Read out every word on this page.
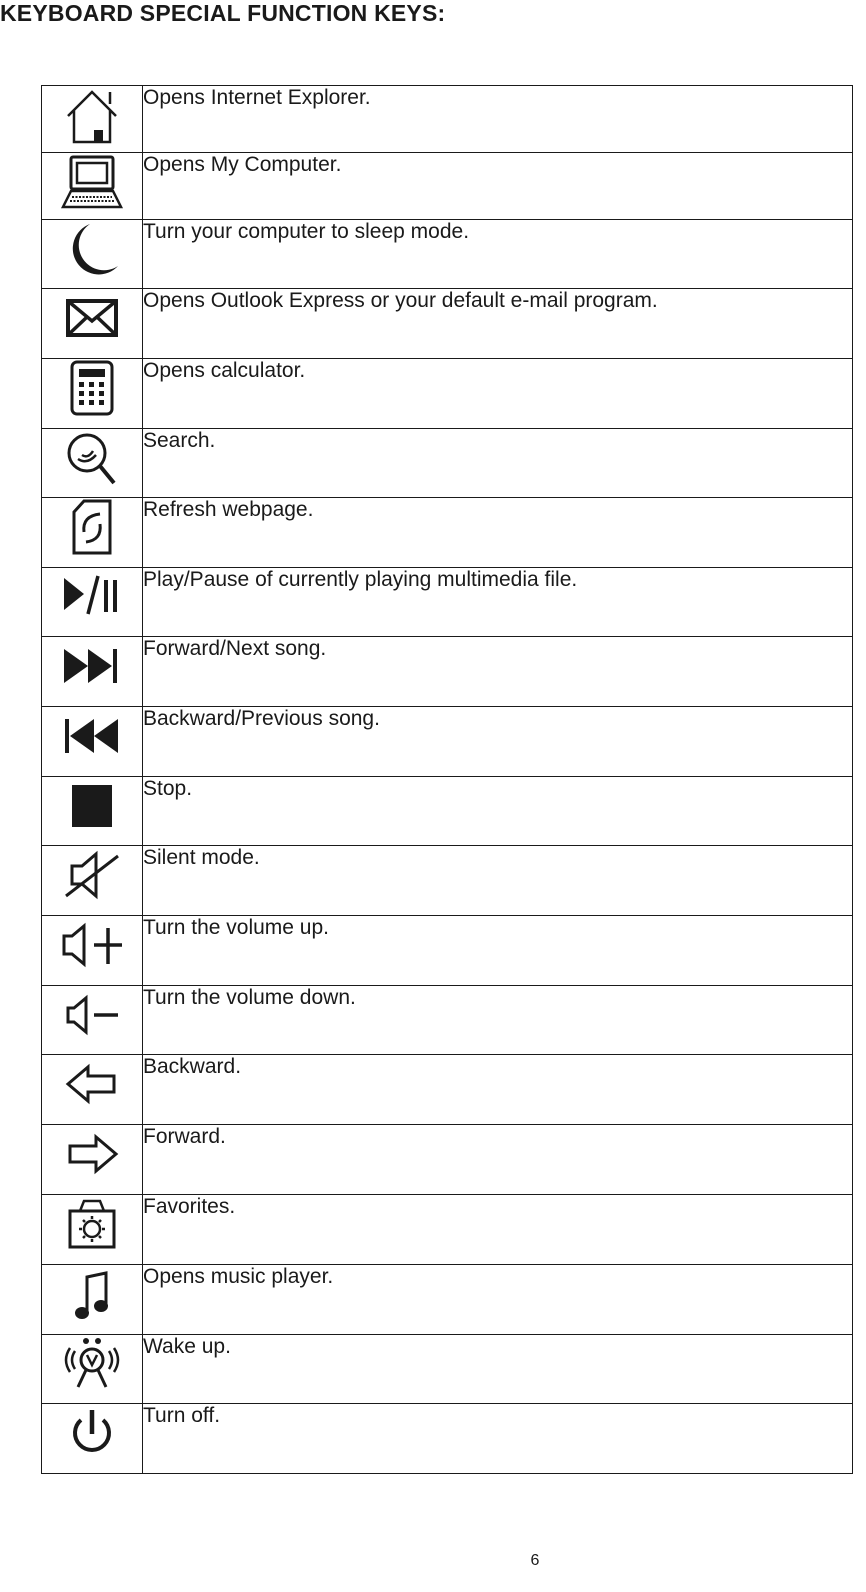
KEYBOARD SPECIAL FUNCTION KEYS:
	Opens Internet Explorer.

	Opens My Computer.

	Turn your computer to sleep mode.

	Opens Outlook Express or your default e-mail program.

	Opens calculator.

	Search.

	Refresh webpage.

	Play/Pause of currently playing multimedia file.

	Forward/Next song.

	Backward/Previous song.

	Stop.

	Silent mode.

	Turn the volume up.

	Turn the volume down.

	Backward.

	Forward.

	Favorites.

	Opens music player.

	Wake up.

	Turn off.
6
